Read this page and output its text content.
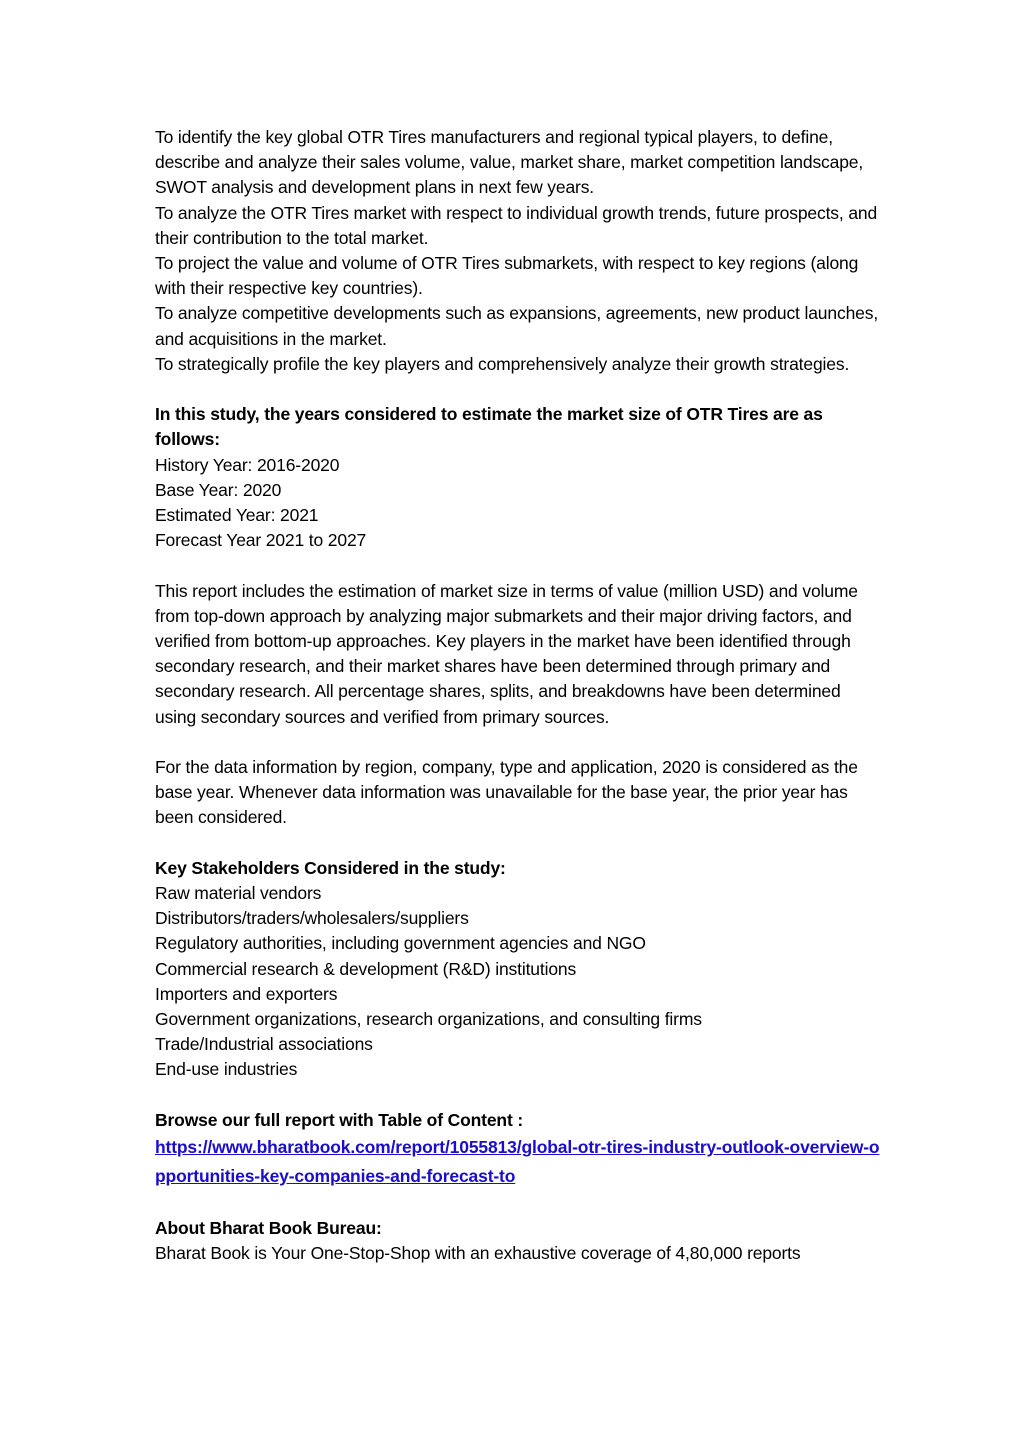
To identify the key global OTR Tires manufacturers and regional typical players, to define, describe and analyze their sales volume, value, market share, market competition landscape, SWOT analysis and development plans in next few years.

To analyze the OTR Tires market with respect to individual growth trends, future prospects, and their contribution to the total market.

To project the value and volume of OTR Tires submarkets, with respect to key regions (along with their respective key countries).

To analyze competitive developments such as expansions, agreements, new product launches, and acquisitions in the market.

To strategically profile the key players and comprehensively analyze their growth strategies.

In this study, the years considered to estimate the market size of OTR Tires are as follows:

History Year: 2016-2020

Base Year: 2020

Estimated Year: 2021

Forecast Year 2021 to 2027

This report includes the estimation of market size in terms of value (million USD) and volume from top-down approach by analyzing major submarkets and their major driving factors, and verified from bottom-up approaches. Key players in the market have been identified through secondary research, and their market shares have been determined through primary and secondary research. All percentage shares, splits, and breakdowns have been determined using secondary sources and verified from primary sources.

For the data information by region, company, type and application, 2020 is considered as the base year. Whenever data information was unavailable for the base year, the prior year has been considered.

Key Stakeholders Considered in the study:

Raw material vendors

Distributors/traders/wholesalers/suppliers

Regulatory authorities, including government agencies and NGO

Commercial research & development (R&D) institutions

Importers and exporters

Government organizations, research organizations, and consulting firms

Trade/Industrial associations

End-use industries

Browse our full report with Table of Content :

https://www.bharatbook.com/report/1055813/global-otr-tires-industry-outlook-overview-opportunities-key-companies-and-forecast-to

About Bharat Book Bureau:

Bharat Book is Your One-Stop-Shop with an exhaustive coverage of 4,80,000 reports
